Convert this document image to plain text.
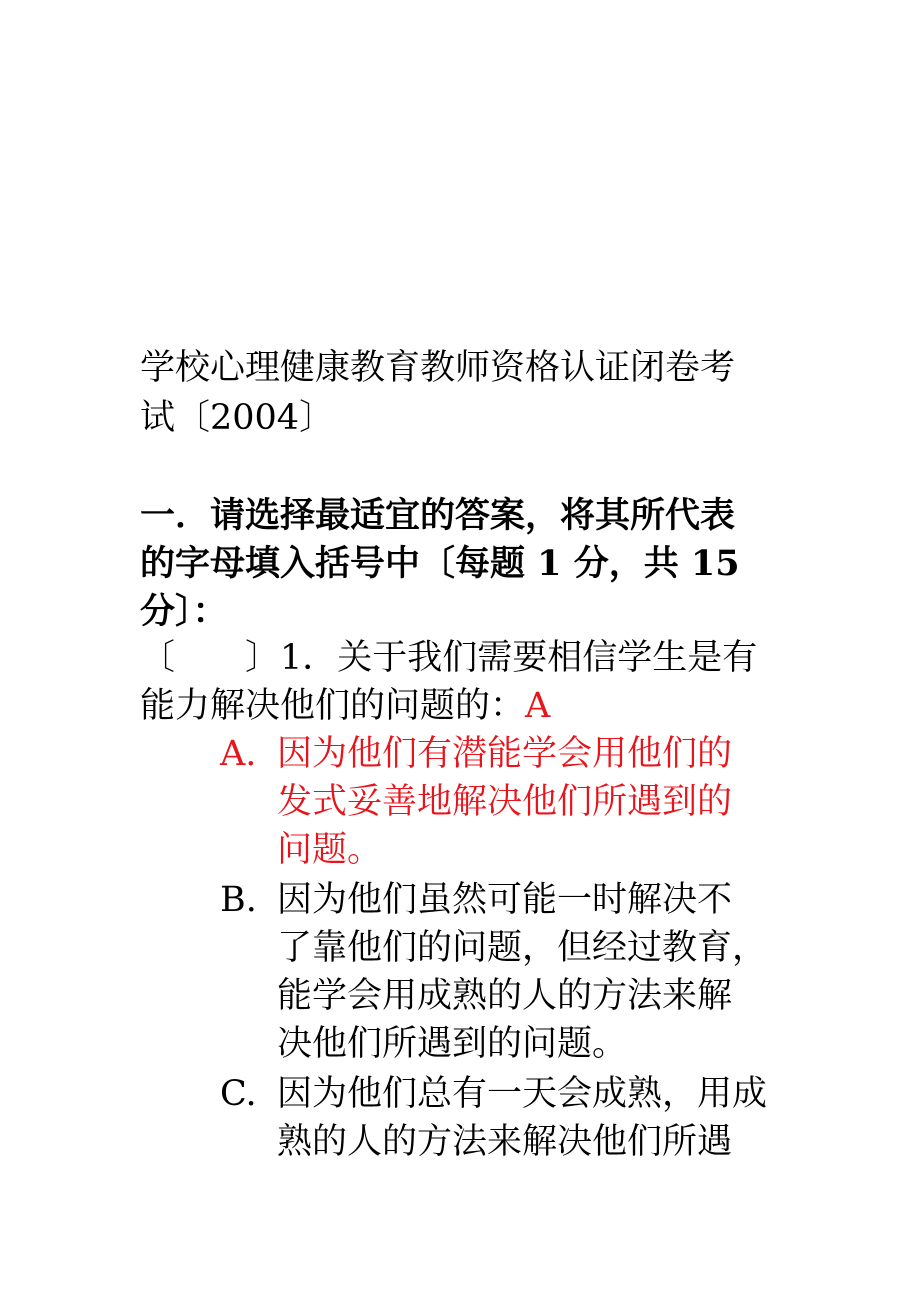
学校心理健康教育教师资格认证闭卷考
试〔2004〕
一．请选择最适宜的答案，将其所代表
的字母填入括号中〔每题 1 分，共 15
分〕：
〔　　〕1．关于我们需要相信学生是有
能力解决他们的问题的：A
A. 因为他们有潜能学会用他们的
发式妥善地解决他们所遇到的
问题。
B. 因为他们虽然可能一时解决不
了靠他们的问题，但经过教育，
能学会用成熟的人的方法来解
决他们所遇到的问题。
C. 因为他们总有一天会成熟，用成
熟的人的方法来解决他们所遇
